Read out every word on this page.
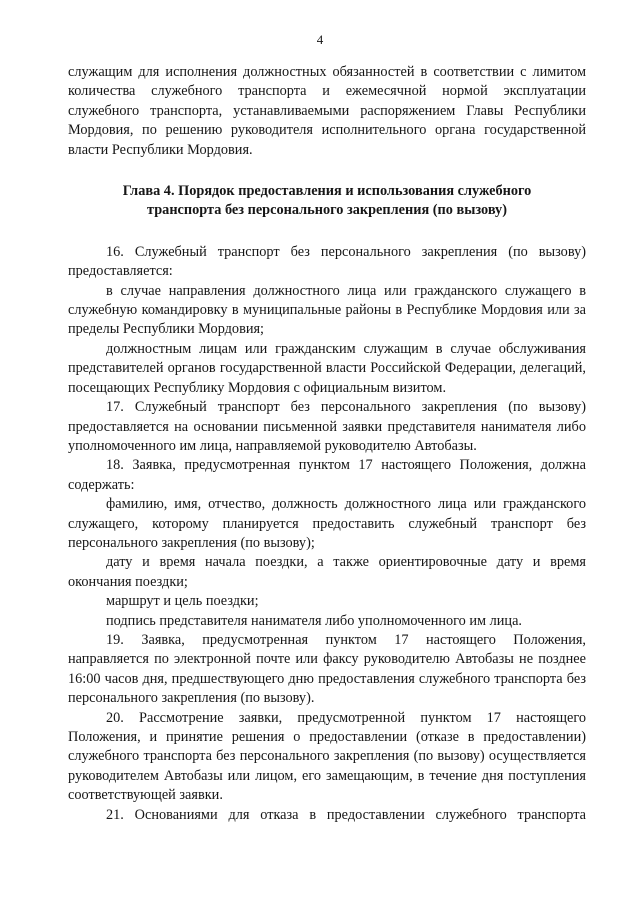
4

служащим для исполнения должностных обязанностей в соответствии с лимитом количества служебного транспорта и ежемесячной нормой эксплуатации служебного транспорта, устанавливаемыми распоряжением Главы Республики Мордовия, по решению руководителя исполнительного органа государственной власти Республики Мордовия.

Глава 4. Порядок предоставления и использования служебного
транспорта без персонального закрепления (по вызову)

16. Служебный транспорт без персонального закрепления (по вызову) предоставляется:

в случае направления должностного лица или гражданского служащего в служебную командировку в муниципальные районы в Республике Мордовия или за пределы Республики Мордовия;

должностным лицам или гражданским служащим в случае обслуживания представителей органов государственной власти Российской Федерации, делегаций, посещающих Республику Мордовия с официальным визитом.

17. Служебный транспорт без персонального закрепления (по вызову) предоставляется на основании письменной заявки представителя нанимателя либо уполномоченного им лица, направляемой руководителю Автобазы.

18. Заявка, предусмотренная пунктом 17 настоящего Положения, должна содержать:

фамилию, имя, отчество, должность должностного лица или гражданского служащего, которому планируется предоставить служебный транспорт без персонального закрепления (по вызову);

дату и время начала поездки, а также ориентировочные дату и время окончания поездки;

маршрут и цель поездки;

подпись представителя нанимателя либо уполномоченного им лица.

19. Заявка, предусмотренная пунктом 17 настоящего Положения, направляется по электронной почте или факсу руководителю Автобазы не позднее 16:00 часов дня, предшествующего дню предоставления служебного транспорта без персонального закрепления (по вызову).

20. Рассмотрение заявки, предусмотренной пунктом 17 настоящего Положения, и принятие решения о предоставлении (отказе в предоставлении) служебного транспорта без персонального закрепления (по вызову) осуществляется руководителем Автобазы или лицом, его замещающим, в течение дня поступления соответствующей заявки.

21. Основаниями для отказа в предоставлении служебного транспорта
